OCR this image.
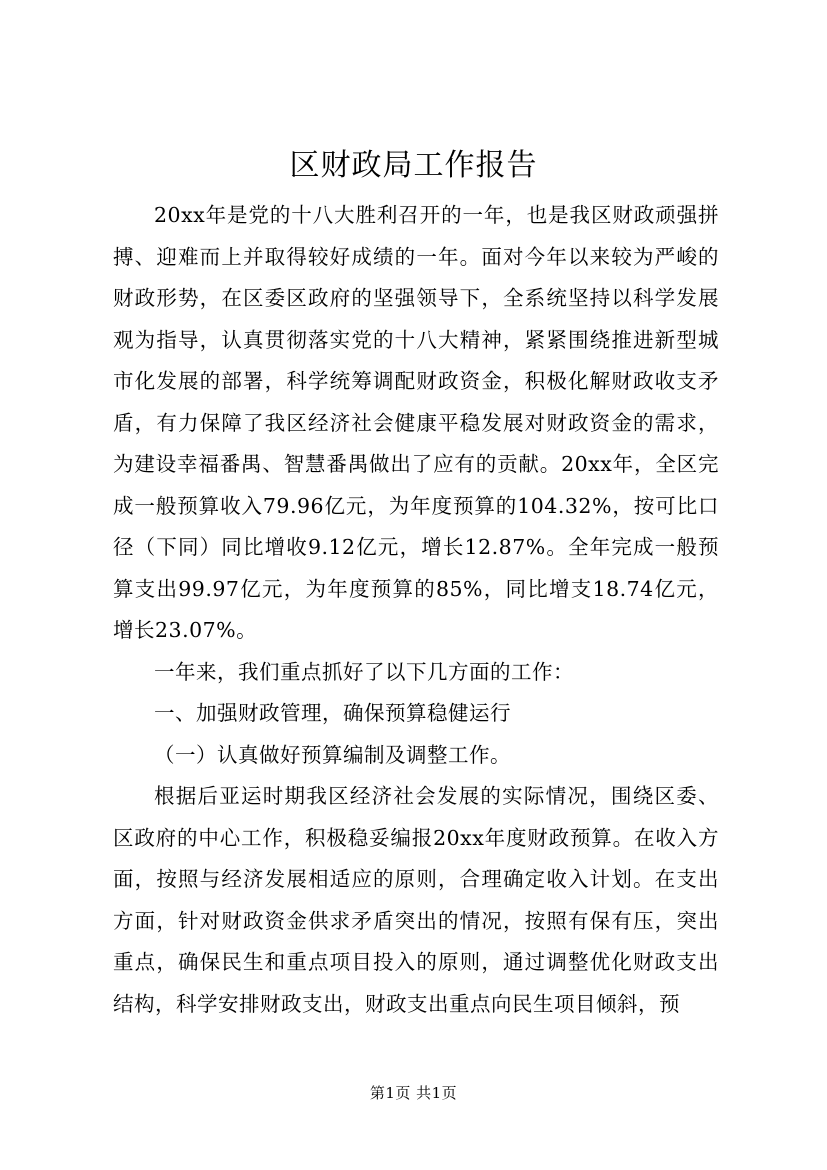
区财政局工作报告

20xx年是党的十八大胜利召开的一年，也是我区财政顽强拼搏、迎难而上并取得较好成绩的一年。面对今年以来较为严峻的财政形势，在区委区政府的坚强领导下，全系统坚持以科学发展观为指导，认真贯彻落实党的十八大精神，紧紧围绕推进新型城市化发展的部署，科学统筹调配财政资金，积极化解财政收支矛盾，有力保障了我区经济社会健康平稳发展对财政资金的需求，为建设幸福番禺、智慧番禺做出了应有的贡献。20xx年，全区完成一般预算收入79.96亿元，为年度预算的104.32%，按可比口径（下同）同比增收9.12亿元，增长12.87%。全年完成一般预算支出99.97亿元，为年度预算的85%，同比增支18.74亿元，增长23.07%。

一年来，我们重点抓好了以下几方面的工作：

一、加强财政管理，确保预算稳健运行

（一）认真做好预算编制及调整工作。

根据后亚运时期我区经济社会发展的实际情况，围绕区委、区政府的中心工作，积极稳妥编报20xx年度财政预算。在收入方面，按照与经济发展相适应的原则，合理确定收入计划。在支出方面，针对财政资金供求矛盾突出的情况，按照有保有压，突出重点，确保民生和重点项目投入的原则，通过调整优化财政支出结构，科学安排财政支出，财政支出重点向民生项目倾斜，预

第1页 共1页
